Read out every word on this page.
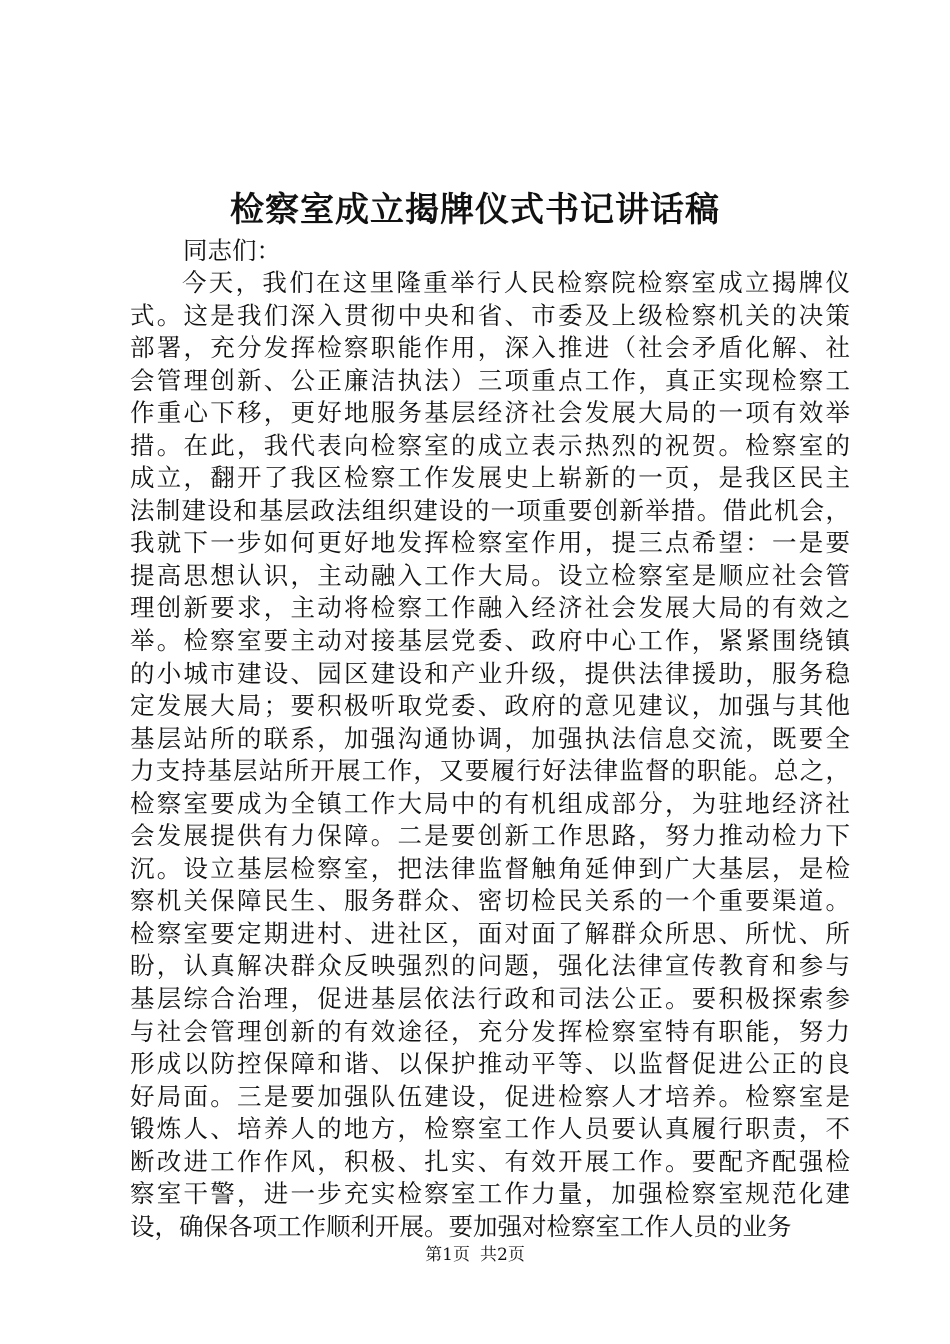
检察室成立揭牌仪式书记讲话稿

同志们：

今天，我们在这里隆重举行人民检察院检察室成立揭牌仪
式。这是我们深入贯彻中央和省、市委及上级检察机关的决策
部署，充分发挥检察职能作用，深入推进（社会矛盾化解、社
会管理创新、公正廉洁执法）三项重点工作，真正实现检察工
作重心下移，更好地服务基层经济社会发展大局的一项有效举
措。在此，我代表向检察室的成立表示热烈的祝贺。检察室的
成立，翻开了我区检察工作发展史上崭新的一页，是我区民主
法制建设和基层政法组织建设的一项重要创新举措。借此机会，
我就下一步如何更好地发挥检察室作用，提三点希望：一是要
提高思想认识，主动融入工作大局。设立检察室是顺应社会管
理创新要求，主动将检察工作融入经济社会发展大局的有效之
举。检察室要主动对接基层党委、政府中心工作，紧紧围绕镇
的小城市建设、园区建设和产业升级，提供法律援助，服务稳
定发展大局；要积极听取党委、政府的意见建议，加强与其他
基层站所的联系，加强沟通协调，加强执法信息交流，既要全
力支持基层站所开展工作，又要履行好法律监督的职能。总之，
检察室要成为全镇工作大局中的有机组成部分，为驻地经济社
会发展提供有力保障。二是要创新工作思路，努力推动检力下
沉。设立基层检察室，把法律监督触角延伸到广大基层，是检
察机关保障民生、服务群众、密切检民关系的一个重要渠道。
检察室要定期进村、进社区，面对面了解群众所思、所忧、所
盼，认真解决群众反映强烈的问题，强化法律宣传教育和参与
基层综合治理，促进基层依法行政和司法公正。要积极探索参
与社会管理创新的有效途径，充分发挥检察室特有职能，努力
形成以防控保障和谐、以保护推动平等、以监督促进公正的良
好局面。三是要加强队伍建设，促进检察人才培养。检察室是
锻炼人、培养人的地方，检察室工作人员要认真履行职责，不
断改进工作作风，积极、扎实、有效开展工作。要配齐配强检
察室干警，进一步充实检察室工作力量，加强检察室规范化建
设，确保各项工作顺利开展。要加强对检察室工作人员的业务
第1页 共2页
